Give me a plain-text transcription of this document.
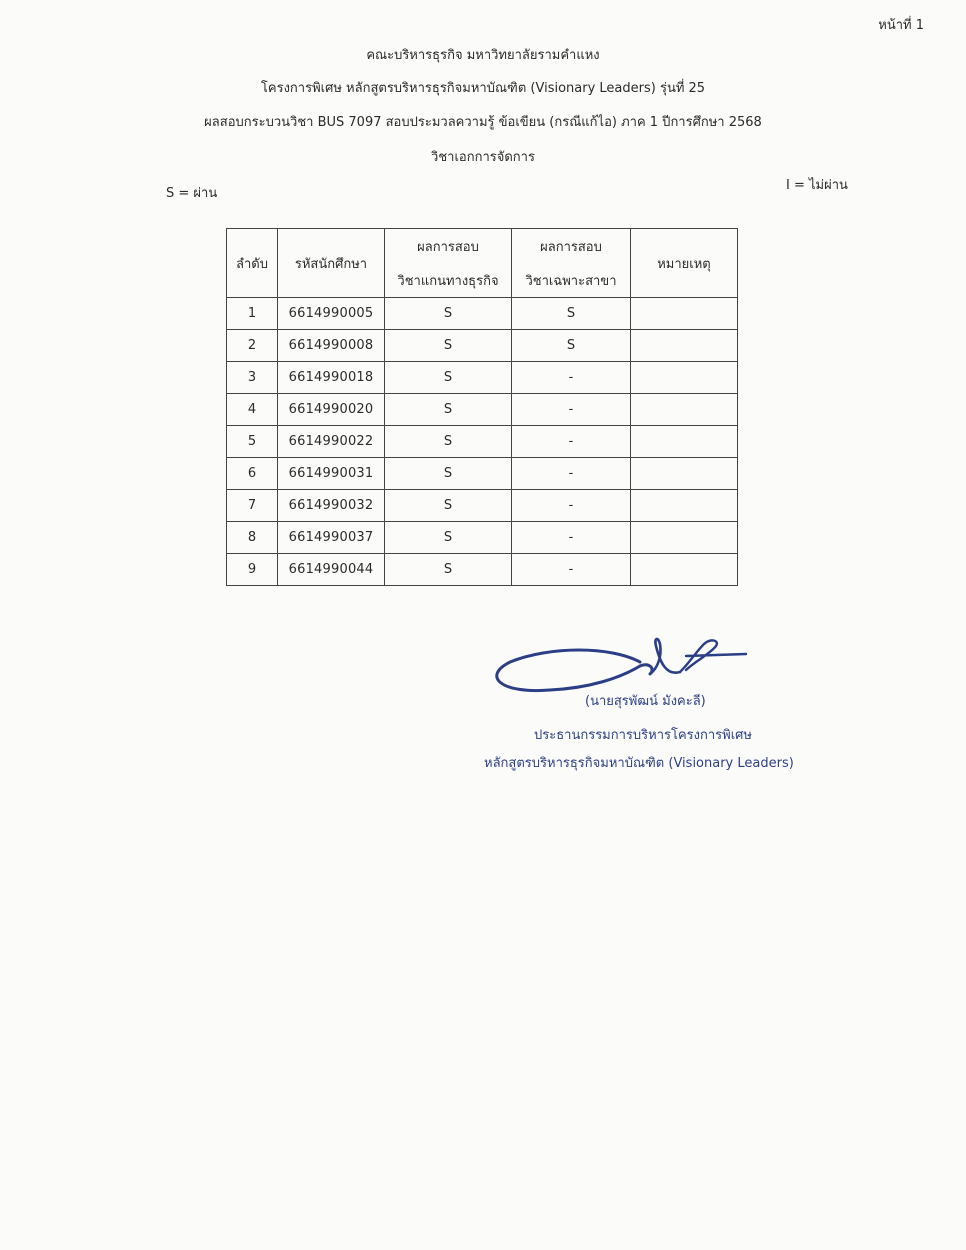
หน้าที่ 1
คณะบริหารธุรกิจ มหาวิทยาลัยรามคำแหง
โครงการพิเศษ หลักสูตรบริหารธุรกิจมหาบัณฑิต (Visionary Leaders) รุ่นที่ 25
ผลสอบกระบวนวิชา BUS 7097 สอบประมวลความรู้ ข้อเขียน (กรณีแก้ไอ) ภาค 1 ปีการศึกษา 2568
วิชาเอกการจัดการ
S = ผ่าน
I = ไม่ผ่าน
ลำดับ	รหัสนักศึกษา	ผลการสอบ	ผลการสอบ	หมายเหตุ
		วิชาแกนทางธุรกิจ	วิชาเฉพาะสาขา	
1	6614990005	S	S	
2	6614990008	S	S	
3	6614990018	S	-	
4	6614990020	S	-	
5	6614990022	S	-	
6	6614990031	S	-	
7	6614990032	S	-	
8	6614990037	S	-	
9	6614990044	S	-	
(นายสุรพัฒน์ มังคะลี)
ประธานกรรมการบริหารโครงการพิเศษ
หลักสูตรบริหารธุรกิจมหาบัณฑิต (Visionary Leaders)
